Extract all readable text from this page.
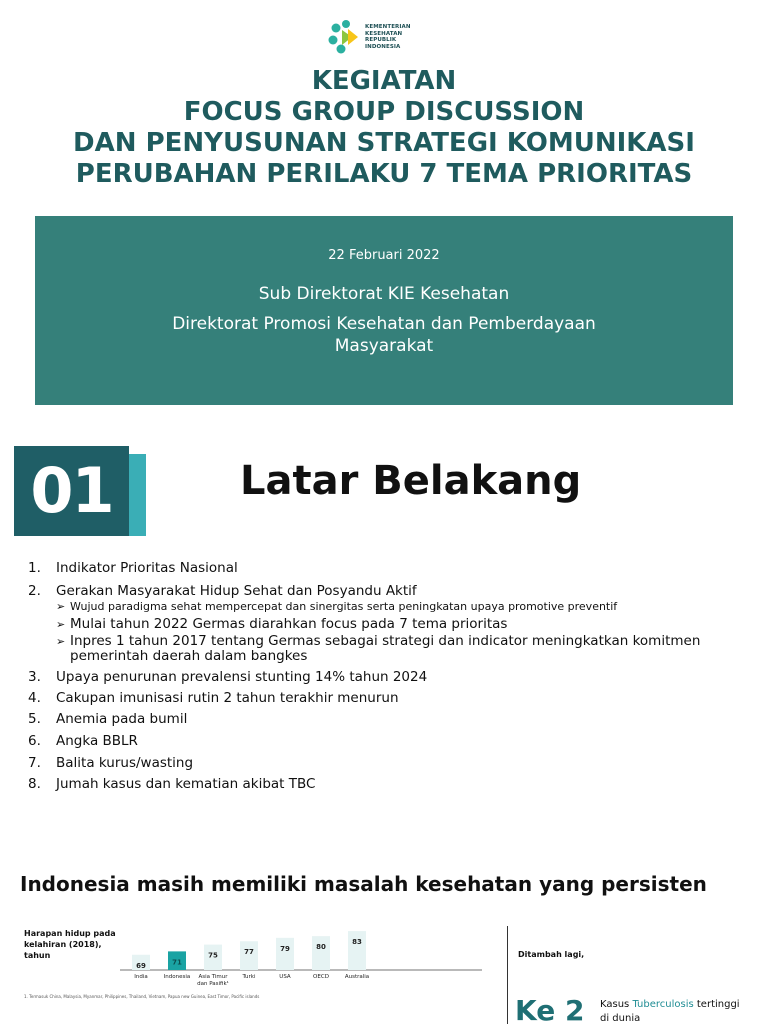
KEMENTERIAN
KESEHATAN
REPUBLIK
INDONESIA
KEGIATAN
FOCUS GROUP DISCUSSION
DAN PENYUSUNAN STRATEGI KOMUNIKASI
PERUBAHAN PERILAKU 7 TEMA PRIORITAS
22 Februari 2022
Sub Direktorat KIE Kesehatan
Direktorat Promosi Kesehatan dan Pemberdayaan
Masyarakat
01	Latar Belakang
1. Indikator Prioritas Nasional
2. Gerakan Masyarakat Hidup Sehat dan Posyandu Aktif
➢ Wujud paradigma sehat mempercepat dan sinergitas serta peningkatan upaya promotive preventif
➢ Mulai tahun 2022 Germas diarahkan focus pada 7 tema prioritas
➢ Inpres 1 tahun 2017 tentang Germas sebagai strategi dan indicator meningkatkan komitmen
pemerintah daerah dalam bangkes
3. Upaya penurunan prevalensi stunting 14% tahun 2024
4. Cakupan imunisasi rutin 2 tahun terakhir menurun
5. Anemia pada bumil
6. Angka BBLR
7. Balita kurus/wasting
8. Jumah kasus dan kematian akibat TBC
Indonesia masih memiliki masalah kesehatan yang persisten
Harapan hidup pada
kelahiran (2018),
tahun
69
India
71
Indonesia
75
Asia Timur
dan Pasifik¹
77
Turki
79
USA
80
OECD
83
Australia
1. Termasuk China, Malaysia, Myanmar, Philippines, Thailand, Vietnam, Papua new Guinea, East Timor, Pacific islands
Ditambah lagi,
Ke 2 Kasus Tuberculosis tertinggi
di dunia
